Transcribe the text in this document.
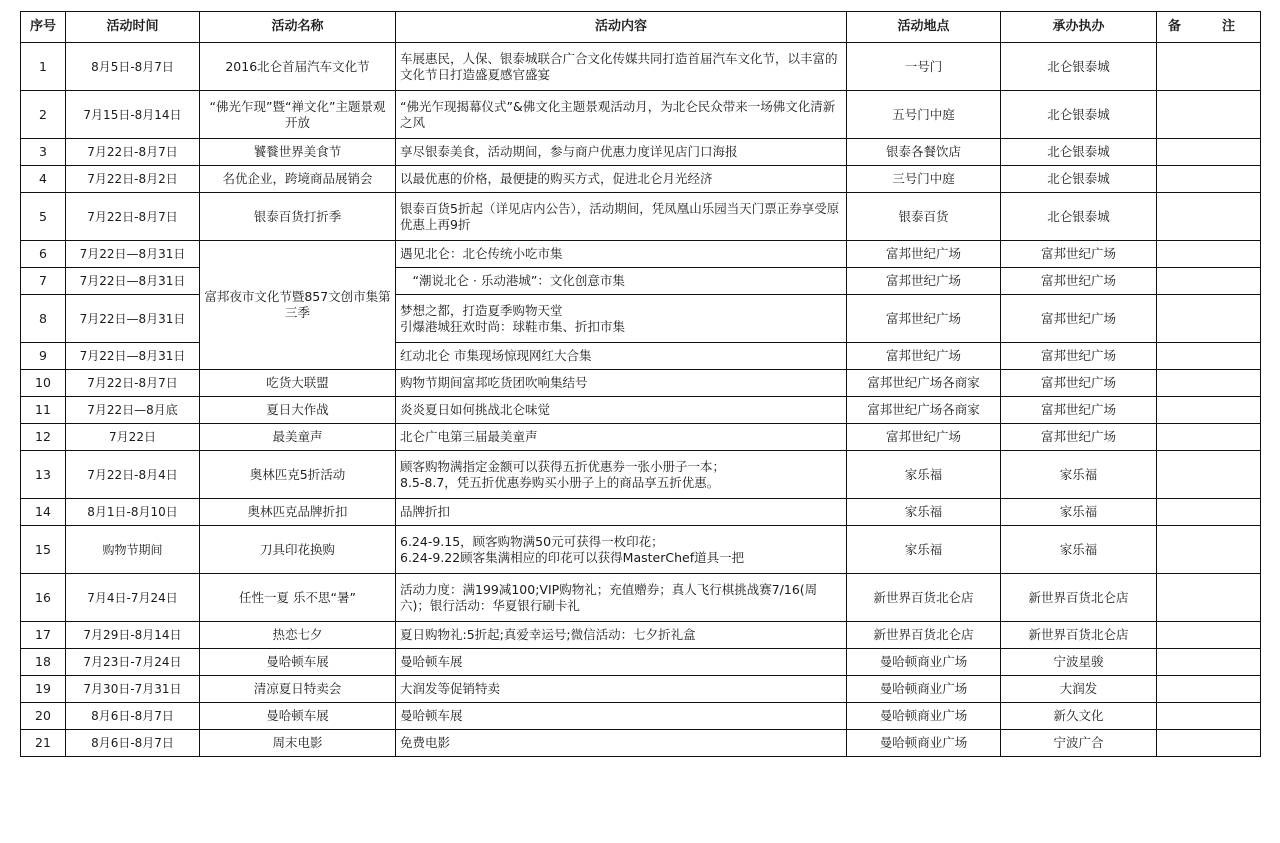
序号	活动时间	活动名称	活动内容	活动地点	承办执办	备　注
1	8月5日-8月7日	2016北仑首届汽车文化节	车展惠民，人保、银泰城联合广合文化传媒共同打造首届汽车文化节，以丰富的文化节日打造盛夏感官盛宴	一号门	北仑银泰城	
2	7月15日-8月14日	“佛光乍现”暨“禅文化”主题景观开放	“佛光乍现揭幕仪式”&佛文化主题景观活动月，为北仑民众带来一场佛文化清新之风	五号门中庭	北仑银泰城	
3	7月22日-8月7日	饕餮世界美食节	享尽银泰美食，活动期间，参与商户优惠力度详见店门口海报	银泰各餐饮店	北仑银泰城	
4	7月22日-8月2日	名优企业，跨境商品展销会	以最优惠的价格，最便捷的购买方式，促进北仑月光经济	三号门中庭	北仑银泰城	
5	7月22日-8月7日	银泰百货打折季	银泰百货5折起（详见店内公告），活动期间，凭凤凰山乐园当天门票正券享受原优惠上再9折	银泰百货	北仑银泰城	
6	7月22日—8月31日	富邦夜市文化节暨857文创市集第三季	遇见北仑：北仑传统小吃市集	富邦世纪广场	富邦世纪广场	
7	7月22日—8月31日		　“潮说北仑 · 乐动港城”：文化创意市集	富邦世纪广场	富邦世纪广场	
8	7月22日—8月31日		梦想之都，打造夏季购物天堂
引爆港城狂欢时尚：球鞋市集、折扣市集	富邦世纪广场	富邦世纪广场	
9	7月22日—8月31日		红动北仑 市集现场惊现网红大合集	富邦世纪广场	富邦世纪广场	
10	7月22日-8月7日	吃货大联盟	购物节期间富邦吃货团吹响集结号	富邦世纪广场各商家	富邦世纪广场	
11	7月22日—8月底	夏日大作战	炎炎夏日如何挑战北仑味觉	富邦世纪广场各商家	富邦世纪广场	
12	7月22日	最美童声	北仑广电第三届最美童声	富邦世纪广场	富邦世纪广场	
13	7月22日-8月4日	奥林匹克5折活动	顾客购物满指定金额可以获得五折优惠券一张小册子一本；
8.5-8.7，凭五折优惠券购买小册子上的商品享五折优惠。	家乐福	家乐福	
14	8月1日-8月10日	奥林匹克品牌折扣	品牌折扣	家乐福	家乐福	
15	购物节期间	刀具印花换购	6.24-9.15，顾客购物满50元可获得一枚印花；
6.24-9.22顾客集满相应的印花可以获得MasterChef道具一把	家乐福	家乐福	
16	7月4日-7月24日	任性一夏 乐不思“暑”	活动力度：满199减100;VIP购物礼；充值赠券；真人飞行棋挑战赛7/16(周六)；银行活动：华夏银行刷卡礼	新世界百货北仑店	新世界百货北仑店	
17	7月29日-8月14日	热恋七夕	夏日购物礼:5折起;真爱幸运号;微信活动：七夕折礼盒	新世界百货北仑店	新世界百货北仑店	
18	7月23日-7月24日	曼哈顿车展	曼哈顿车展	曼哈顿商业广场	宁波星骏	
19	7月30日-7月31日	清凉夏日特卖会	大润发等促销特卖	曼哈顿商业广场	大润发	
20	8月6日-8月7日	曼哈顿车展	曼哈顿车展	曼哈顿商业广场	新久文化	
21	8月6日-8月7日	周末电影	免费电影	曼哈顿商业广场	宁波广合	
